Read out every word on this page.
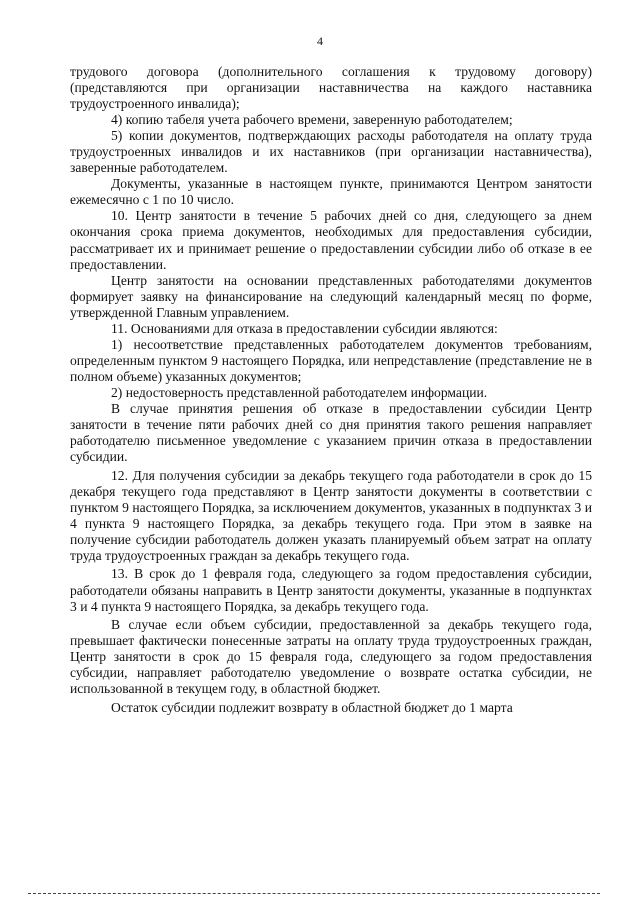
4

трудового договора (дополнительного соглашения к трудовому договору) (представляются при организации наставничества на каждого наставника трудоустроенного инвалида);

4) копию табеля учета рабочего времени, заверенную работодателем;

5) копии документов, подтверждающих расходы работодателя на оплату труда трудоустроенных инвалидов и их наставников (при организации наставничества), заверенные работодателем.

Документы, указанные в настоящем пункте, принимаются Центром занятости ежемесячно с 1 по 10 число.

10. Центр занятости в течение 5 рабочих дней со дня, следующего за днем окончания срока приема документов, необходимых для предоставления субсидии, рассматривает их и принимает решение о предоставлении субсидии либо об отказе в ее предоставлении.

Центр занятости на основании представленных работодателями документов формирует заявку на финансирование на следующий календарный месяц по форме, утвержденной Главным управлением.

11. Основаниями для отказа в предоставлении субсидии являются:

1) несоответствие представленных работодателем документов требованиям, определенным пунктом 9 настоящего Порядка, или непредставление (представление не в полном объеме) указанных документов;

2) недостоверность представленной работодателем информации.

В случае принятия решения об отказе в предоставлении субсидии Центр занятости в течение пяти рабочих дней со дня принятия такого решения направляет работодателю письменное уведомление с указанием причин отказа в предоставлении субсидии.

12. Для получения субсидии за декабрь текущего года работодатели в срок до 15 декабря текущего года представляют в Центр занятости документы в соответствии с пунктом 9 настоящего Порядка, за исключением документов, указанных в подпунктах 3 и 4 пункта 9 настоящего Порядка, за декабрь текущего года. При этом в заявке на получение субсидии работодатель должен указать планируемый объем затрат на оплату труда трудоустроенных граждан за декабрь текущего года.

13. В срок до 1 февраля года, следующего за годом предоставления субсидии, работодатели обязаны направить в Центр занятости документы, указанные в подпунктах 3 и 4 пункта 9 настоящего Порядка, за декабрь текущего года.

В случае если объем субсидии, предоставленной за декабрь текущего года, превышает фактически понесенные затраты на оплату труда трудоустроенных граждан, Центр занятости в срок до 15 февраля года, следующего за годом предоставления субсидии, направляет работодателю уведомление о возврате остатка субсидии, не использованной в текущем году, в областной бюджет.

Остаток субсидии подлежит возврату в областной бюджет до 1 марта
